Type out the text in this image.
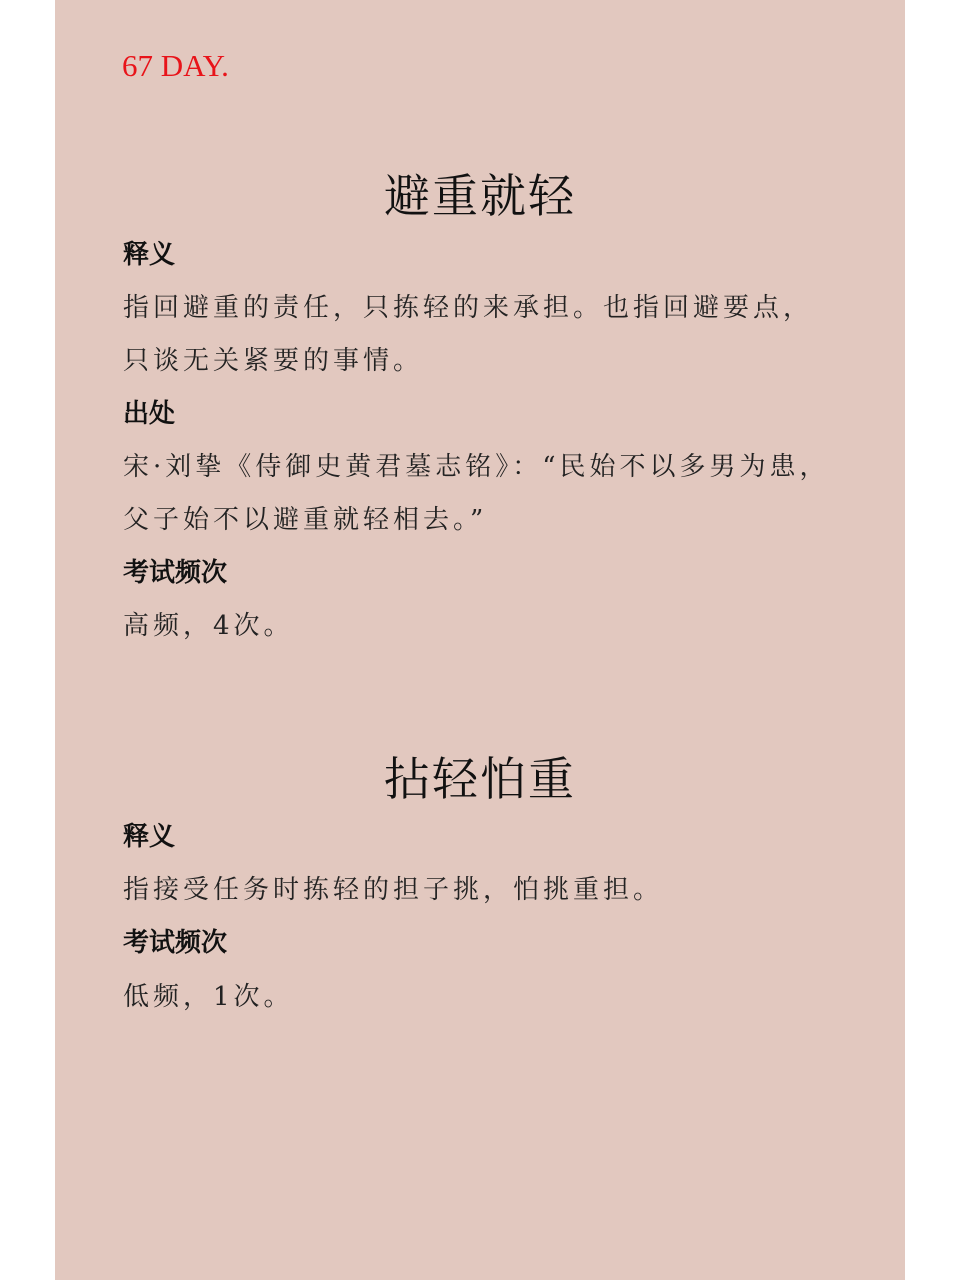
67 DAY.
避重就轻
释义
指回避重的责任，只拣轻的来承担。也指回避要点，
只谈无关紧要的事情。
出处
宋·刘挚《侍御史黄君墓志铭》：“民始不以多男为患，
父子始不以避重就轻相去。”
考试频次
高频，4次。
拈轻怕重
释义
指接受任务时拣轻的担子挑，怕挑重担。
考试频次
低频，1次。
